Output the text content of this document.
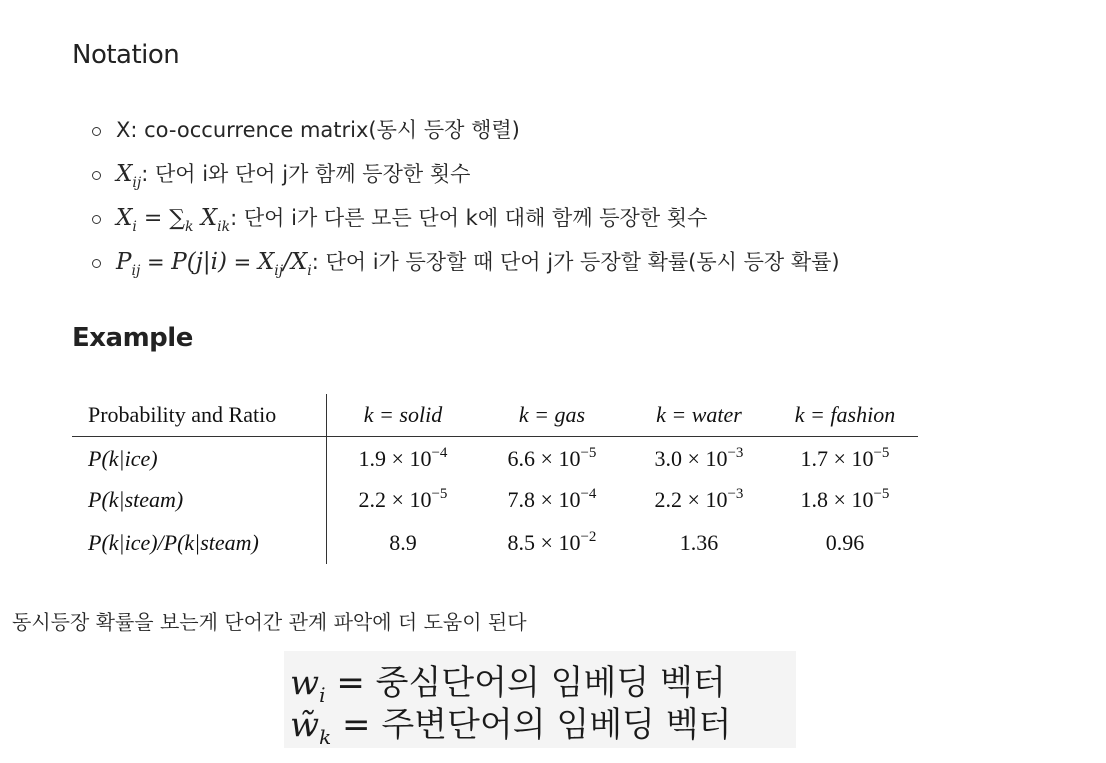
Notation
X: co-occurrence matrix(동시 등장 행렬)
$X_{ij}$: 단어 i와 단어 j가 함께 등장한 횟수
$X_i = \sum_k$ $X_{ik}$: 단어 i가 다른 모든 단어 k에 대해 함께 등장한 횟수
$P_{ij} = P(j|i) = X_{ij}/X_i$: 단어 i가 등장할 때 단어 j가 등장할 확률(동시 등장 확률)
Example
Probability and Ratio	k = solid	k = gas	k = water	k = fashion
P(k|ice)	$1.9 \times 10^{-4}$	$6.6 \times 10^{-5}$	$3.0 \times 10^{-3}$	$1.7 \times 10^{-5}$
P(k|steam)	$2.2 \times 10^{-5}$	$7.8 \times 10^{-4}$	$2.2 \times 10^{-3}$	$1.8 \times 10^{-5}$
P(k|ice)/P(k|steam)	8.9	$8.5 \times 10^{-2}$	1.36	0.96
동시등장 확률을 보는게 단어간 관계 파악에 더 도움이 된다
$w_i$ = 중심단어의 임베딩 벡터
$w̃_k$ = 주변단어의 임베딩 벡터
